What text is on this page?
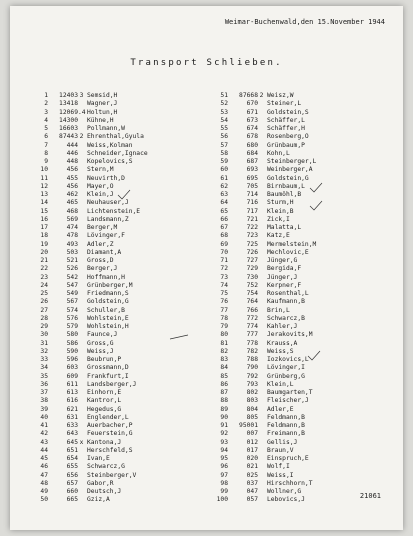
Weimar-Buchenwald,den 15.November 1944
Transport Schlieben.
1	12403 3 Semsid,H
2	13418	Wagner,J
3	12069 .4 Holtun,H
4	14300	Kühne,H
5	16603	Pollmann,W
6	87443 2 Ehrenthal,Gyula
7	444	Weiss,Kolman
8	446	Schneider,Ignace
9	448	Kopelovics,S
10	456	Stern,M
11	455	Neuvirth,D
12	456	Mayer,O
13	462	Klein,J
14	465	Neuhauser,J
15	468	Lichtenstein,E
16	569	Landsmann,Z
17	474	Berger,M
18	478	Lövinger,F
19	493	Adler,Z
20	503	Diamant,A
21	521	Gross,D
22	526	Berger,J
23	542	Hoffmann,H
24	547	Grünberger,M
25	549	Friedmann,S
26	567	Goldstein,G
27	574	Schuller,B
28	576	Wohlstein,E
29	579	Wohlstein,H
30	580	Faunce,J
31	586	Gross,G
32	590	Weiss,J
33	596	Beubrun,P
34	603	Grossmann,D
35	609	Frankfurt,I
36	611	Landsberger,J
37	613	Einhorn,E
38	616	Kantror,L
39	621	Hegedus,G
40	631	Englender,L
41	633	Auerbacher,P
42	643	Feuerstein,G
43	645 x Kantona,J
44	651	Herschfeld,S
45	654	Ivan,E
46	655	Schwarcz,G
47	656	Steinberger,V
48	657	Gabor,R
49	660	Deutsch,J
50	665	Gziz,A
51	87668 2 Weisz,W
52	670	Steiner,L
53	671	Goldstein,S
54	673	Schäffer,L
55	674	Schäffer,H
56	678	Rosenberg,O
57	680	Grünbaum,P
58	684	Kohn,L
59	687	Steinberger,L
60	693	Weinberger,A
61	695	Goldstein,G
62	705	Birnbaum,L
63	714	Baumöhl,B
64	716	Sturm,H
65	717	Klein,B
66	721	Zick,I
67	722	Malatta,L
68	723	Katz,E
69	725	Mermelstein,M
70	726	Mechlovic,E
71	727	Jünger,G
72	729	Bergida,F
73	730	Jünger,J
74	752	Kerpner,F
75	754	Rosenthal,L
76	764	Kaufmann,B
77	766	Brin,L
78	772	Schwarcz,B
79	774	Kahler,J
80	777	Jerakovits,M
81	778	Krauss,A
82	782	Weiss,S
83	788	Iozkovics,L
84	790	Lövinger,I
85	792	Grünberg,G
86	793	Klein,L
87	802	Baumgarten,T
88	803	Fleischer,J
89	804	Adler,E
90	805	Feldmann,B
91	95001	Feldmann,B
92	007	Freimann,B
93	012	Gellis,J
94	017	Braun,V
95	020	Einspruch,E
96	021	Wolf,I
97	025	Weiss,I
98	037	Hirschhorn,T
99	047	Wollner,G
100	057	Lebovics,J	21061
